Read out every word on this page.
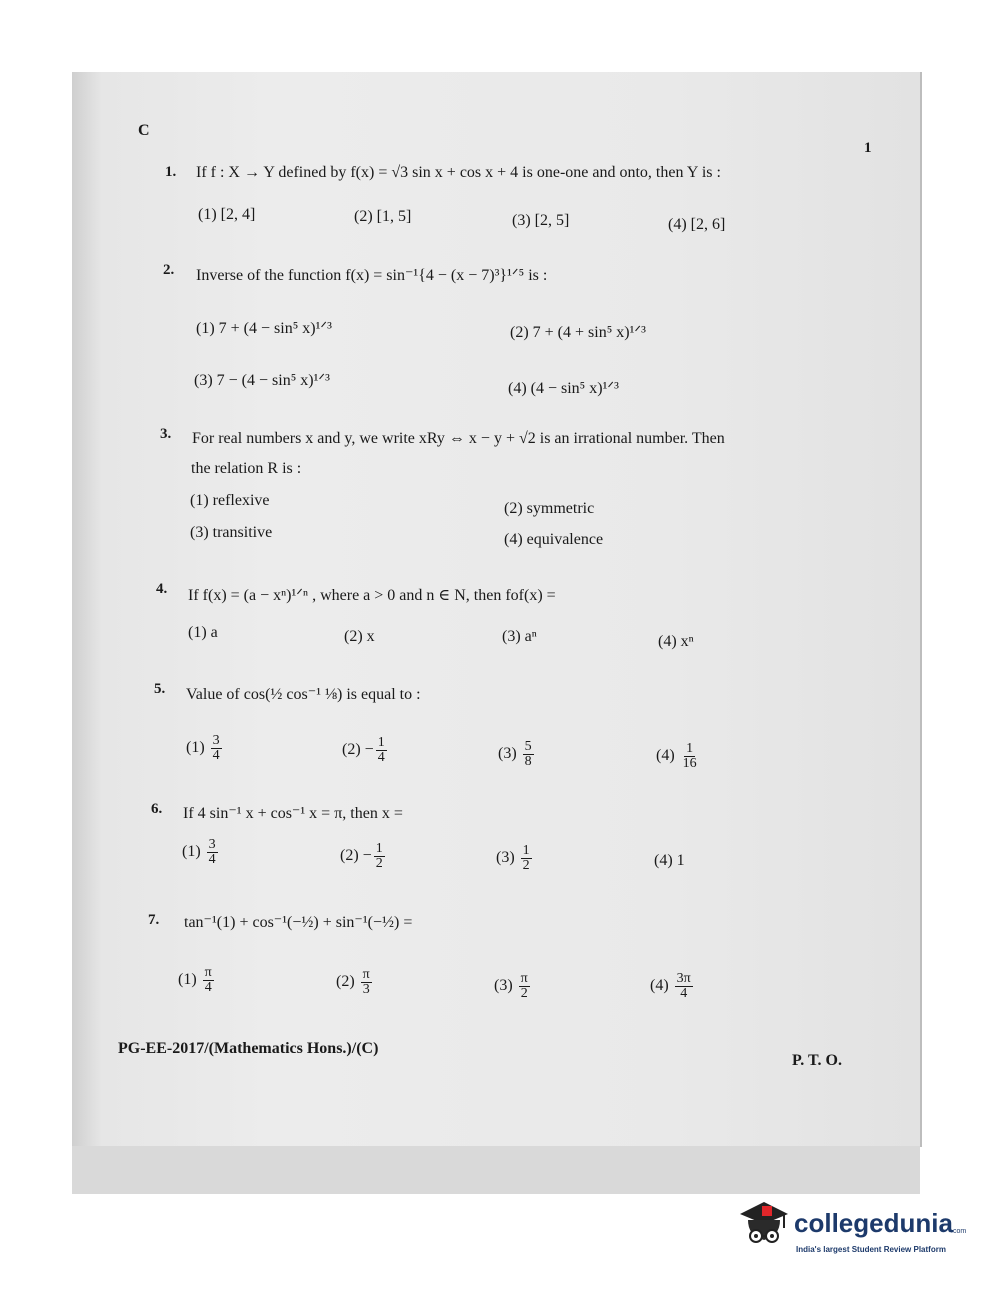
C
1
1. If f : X → Y defined by f(x) = √3 sin x + cos x + 4 is one-one and onto, then Y is :
(1) [2, 4]	(2) [1, 5]	(3) [2, 5]	(4) [2, 6]
2. Inverse of the function f(x) = sin⁻¹{4 − (x − 7)³}¹ᐟ⁵ is :
(1) 7 + (4 − sin⁵ x)¹ᐟ³	(2) 7 + (4 + sin⁵ x)¹ᐟ³
(3) 7 − (4 − sin⁵ x)¹ᐟ³	(4) (4 − sin⁵ x)¹ᐟ³
3. For real numbers x and y, we write xRy ⇔ x − y + √2 is an irrational number. Then
the relation R is :
(1) reflexive	(2) symmetric
(3) transitive	(4) equivalence
4. If f(x) = (a − xⁿ)¹ᐟⁿ , where a > 0 and n ∈ N, then fof(x) =
(1) a	(2) x	(3) aⁿ	(4) xⁿ
5. Value of cos(½ cos⁻¹ ⅛) is equal to :
$(1) \frac{3}{4}$	$(2) - \frac{1}{4}$	$(3) \frac{5}{8}$	$(4) \frac{1}{16}$
6. If 4 sin⁻¹ x + cos⁻¹ x = π, then x =
$(1) \frac{3}{4}$	$(2) - \frac{1}{2}$	$(3) \frac{1}{2}$	(4) 1
7. tan⁻¹(1) + cos⁻¹(−½) + sin⁻¹(−½) =
$(1) \frac{\pi}{4}$	$(2) \frac{\pi}{3}$	$(3) \frac{\pi}{2}$	$(4) \frac{3\pi}{4}$
PG-EE-2017/(Mathematics Hons.)/(C)
P. T. O.
collegedunia
.com
India's largest Student Review Platform
